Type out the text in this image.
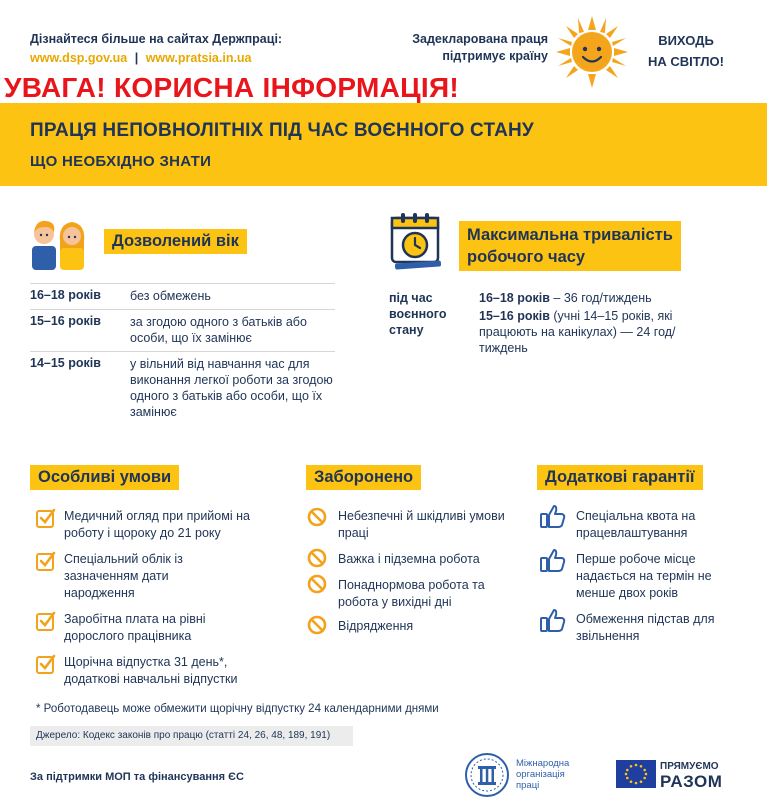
Дізнайтеся більше на сайтах Держпраці:
www.dsp.gov.ua | www.pratsia.in.ua
Задекларована праця
підтримує країну
ВИХОДЬ
НА СВІТЛО!
УВАГА! КОРИСНА ІНФОРМАЦІЯ!
ПРАЦЯ НЕПОВНОЛІТНІХ ПІД ЧАС ВОЄННОГО СТАНУ
ЩО НЕОБХІДНО ЗНАТИ
Дозволений вік
16–18 років без обмежень
15–16 років за згодою одного з батьків або особи, що їх замінює
14–15 років у вільний від навчання час для виконання легкої роботи за згодою одного з батьків або особи, що їх замінює
Максимальна тривалість
робочого часу
під час воєнного стану
16–18 років – 36 год/тиждень
15–16 років (учні 14–15 років, які працюють на канікулах) — 24 год/тиждень
Особливі умови
Медичний огляд при прийомі на роботу і щороку до 21 року
Спеціальний облік із зазначенням дати народження
Заробітна плата на рівні дорослого працівника
Щорічна відпустка 31 день*, додаткові навчальні відпустки
Заборонено
Небезпечні й шкідливі умови праці
Важка і підземна робота
Понаднормова робота та робота у вихідні дні
Відрядження
Додаткові гарантії
Спеціальна квота на працевлаштування
Перше робоче місце надається на термін не менше двох років
Обмеження підстав для звільнення
* Роботодавець може обмежити щорічну відпустку 24 календарними днями
Джерело: Кодекс законів про працю (статті 24, 26, 48, 189, 191)
За підтримки МОП та фінансування ЄС
Міжнародна організація праці
ПРЯМУЄМО
РАЗОМ
